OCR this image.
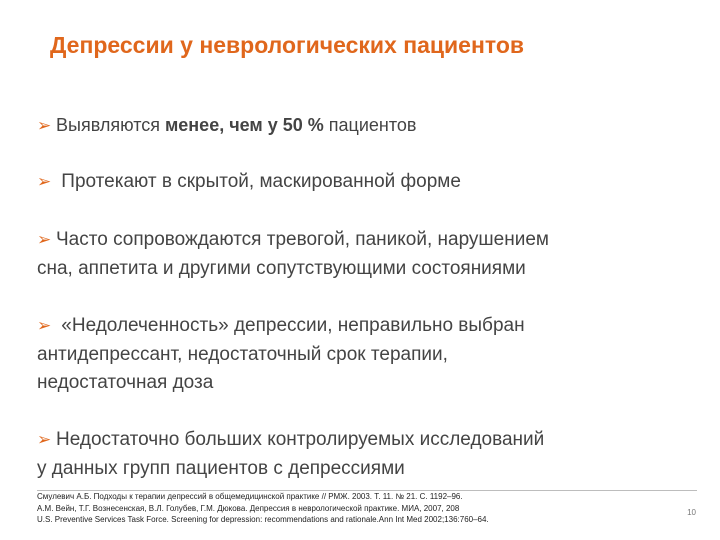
Депрессии у неврологических пациентов
➢ Выявляются менее, чем у 50 % пациентов
➢ Протекают в скрытой, маскированной форме
➢ Часто сопровождаются тревогой, паникой, нарушением
сна, аппетита и другими сопутствующими состояниями
➢ «Недолеченность» депрессии, неправильно выбран
антидепрессант, недостаточный срок терапии,
недостаточная доза
➢ Недостаточно больших контролируемых исследований
у данных групп пациентов с депрессиями
Смулевич А.Б. Подходы к терапии депрессий в общемедицинской практике // РМЖ. 2003. Т. 11. № 21. С. 1192–96.
А.М. Вейн, Т.Г. Вознесенская, В.Л. Голубев, Г.М. Дюкова. Депрессия в неврологической практике. МИА, 2007, 208
U.S. Preventive Services Task Force. Screening for depression: recommendations and rationale.Ann Int Med 2002;136:760–64.
10
